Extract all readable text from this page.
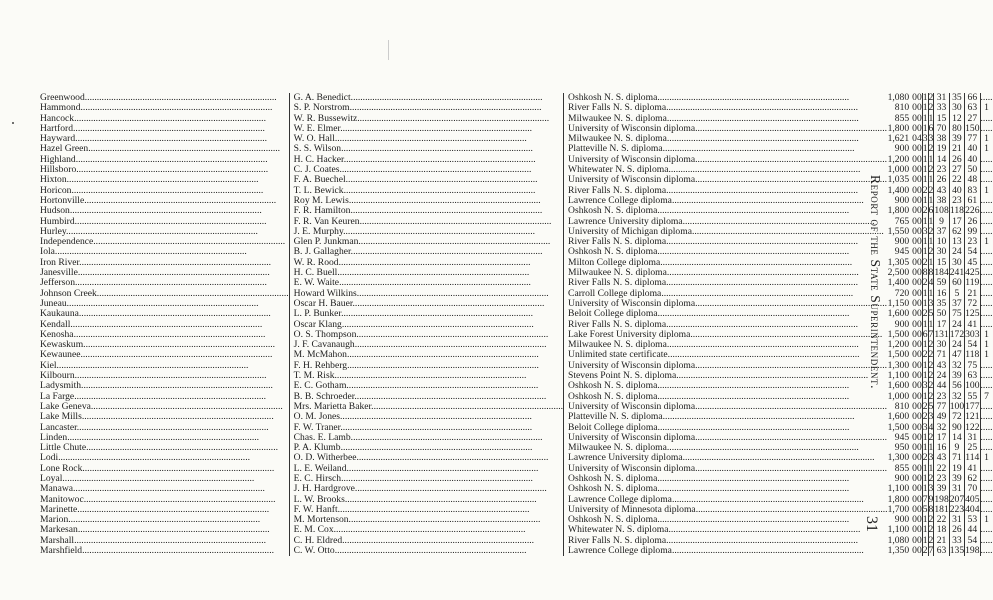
Greenwood................................................................................	G. A. Benedict................................................................................	Oshkosh N. S. diploma................................................................................	1,080	00	1	2	31	35	66	.....
Hammond................................................................................	S. P. Norstrom................................................................................	River Falls N. S. diploma................................................................................	810	00	1	2	33	30	63	1
Hancock................................................................................	W. R. Bussewitz................................................................................	Milwaukee N. S. diploma................................................................................	855	00	1	1	15	12	27	.....
Hartford................................................................................	W. E. Elmer................................................................................	University of Wisconsin diploma................................................................................	1,800	00	1	6	70	80	150	.....
Hayward................................................................................	W. O. Hall................................................................................	Milwaukee N. S. diploma................................................................................	1,621	04	3	3	38	39	77	1
Hazel Green................................................................................	S. S. Wilson................................................................................	Platteville N. S. diploma................................................................................	900	00	1	2	19	21	40	1
Highland................................................................................	H. C. Hacker................................................................................	University of Wisconsin diploma................................................................................	1,200	00	1	1	14	26	40	.....
Hillsboro................................................................................	C. J. Coates................................................................................	Whitewater N. S. diploma................................................................................	1,000	00	1	2	23	27	50	.....
Hixton................................................................................	F. A. Buechel................................................................................	University of Wisconsin diploma................................................................................	1,035	00	1	1	26	22	48	.....
Horicon................................................................................	T. L. Bewick................................................................................	River Falls N. S. diploma................................................................................	1,400	00	2	2	43	40	83	1
Hortonville................................................................................	Roy M. Lewis................................................................................	Lawrence College diploma................................................................................	900	00	1	1	38	23	61	.....
Hudson................................................................................	F. R. Hamilton................................................................................	Oshkosh N. S. diploma................................................................................	1,800	00	2	6	108	118	226	.....
Humbird................................................................................	F. R. Van Keuren................................................................................	Lawrence University diploma................................................................................	765	00	1	1	9	17	26	.....
Hurley................................................................................	J. E. Murphy................................................................................	University of Michigan diploma................................................................................	1,550	00	3	2	37	62	99	.....
Independence................................................................................	Glen P. Junkman................................................................................	River Falls N. S. diploma................................................................................	900	00	1	1	10	13	23	1
Iola................................................................................	B. J. Gallagher................................................................................	Oshkosh N. S. diploma................................................................................	945	00	1	2	30	24	54	.....
Iron River................................................................................	W. R. Rood................................................................................	Milton College diploma................................................................................	1,305	00	2	1	15	30	45	.....
Janesville................................................................................	H. C. Buell................................................................................	Milwaukee N. S. diploma................................................................................	2,500	00	8	8	184	241	425	.....
Jefferson................................................................................	E. W. Waite................................................................................	River Falls N. S. diploma................................................................................	1,400	00	2	4	59	60	119	.....
Johnson Creek................................................................................	Howard Wilkins................................................................................	Carroll College diploma................................................................................	720	00	1	1	16	5	21	.....
Juneau................................................................................	Oscar H. Bauer................................................................................	University of Wisconsin diploma................................................................................	1,150	00	1	3	35	37	72	.....
Kaukauna................................................................................	L. P. Bunker................................................................................	Beloit College diploma................................................................................	1,600	00	2	5	50	75	125	.....
Kendall................................................................................	Oscar Klang................................................................................	River Falls N. S. diploma................................................................................	900	00	1	1	17	24	41	.....
Kenosha................................................................................	O. S. Thompson................................................................................	Lake Forest University diploma................................................................................	1,500	00	6	7	131	172	303	1
Kewaskum................................................................................	J. F. Cavanaugh................................................................................	Milwaukee N. S. diploma................................................................................	1,200	00	1	2	30	24	54	1
Kewaunee................................................................................	M. McMahon................................................................................	Unlimited state certificate................................................................................	1,500	00	2	2	71	47	118	1
Kiel................................................................................	F. H. Rehberg................................................................................	University of Wisconsin diploma................................................................................	1,300	00	1	2	43	32	75	.....
Kilbourn................................................................................	T. M. Risk................................................................................	Stevens Point N. S. diploma................................................................................	1,100	00	1	2	24	39	63	.....
Ladysmith................................................................................	E. C. Gotham................................................................................	Oshkosh N. S. diploma................................................................................	1,600	00	3	2	44	56	100	.....
La Farge................................................................................	B. B. Schroeder................................................................................	Oshkosh N. S. diploma................................................................................	1,000	00	1	2	23	32	55	7
Lake Geneva................................................................................	Mrs. Marietta Baker................................................................................	University of Wisconsin diploma................................................................................	810	00	2	5	77	100	177	.....
Lake Mills................................................................................	O. M. Jones................................................................................	Platteville N. S. diploma................................................................................	1,600	00	2	3	49	72	121	.....
Lancaster................................................................................	F. W. Traner................................................................................	Beloit College diploma................................................................................	1,500	00	3	4	32	90	122	.....
Linden................................................................................	Chas. E. Lamb................................................................................	University of Wisconsin diploma................................................................................	945	00	1	2	17	14	31	.....
Little Chute................................................................................	P. A. Klumb................................................................................	Milwaukee N. S. diploma................................................................................	950	00	1	1	16	9	25	.....
Lodi................................................................................	O. D. Witherbee................................................................................	Lawrence University diploma................................................................................	1,300	00	2	3	43	71	114	1
Lone Rock................................................................................	L. E. Weiland................................................................................	University of Wisconsin diploma................................................................................	855	00	1	1	22	19	41	.....
Loyal................................................................................	E. C. Hirsch................................................................................	Oshkosh N. S. diploma................................................................................	900	00	1	2	23	39	62	.....
Manawa................................................................................	J. H. Hardgrove................................................................................	Oshkosh N. S. diploma................................................................................	1,100	00	1	3	39	31	70	.....
Manitowoc................................................................................	L. W. Brooks................................................................................	Lawrence College diploma................................................................................	1,800	00	7	9	198	207	405	.....
Marinette................................................................................	F. W. Hanft................................................................................	University of Minnesota diploma................................................................................	1,700	00	5	8	181	223	404	.....
Marion................................................................................	M. Mortenson................................................................................	Oshkosh N. S. diploma................................................................................	900	00	1	2	22	31	53	1
Markesan................................................................................	E. M. Cox................................................................................	Whitewater N. S. diploma................................................................................	1,100	00	1	2	18	26	44	.....
Marshall................................................................................	C. H. Eldred................................................................................	River Falls N. S. diploma................................................................................	1,080	00	1	2	21	33	54	.....
Marshfield................................................................................	C. W. Otto................................................................................	Lawrence College diploma................................................................................	1,350	00	2	7	63	135	198	.....
Report of the State Superintendent.
31
